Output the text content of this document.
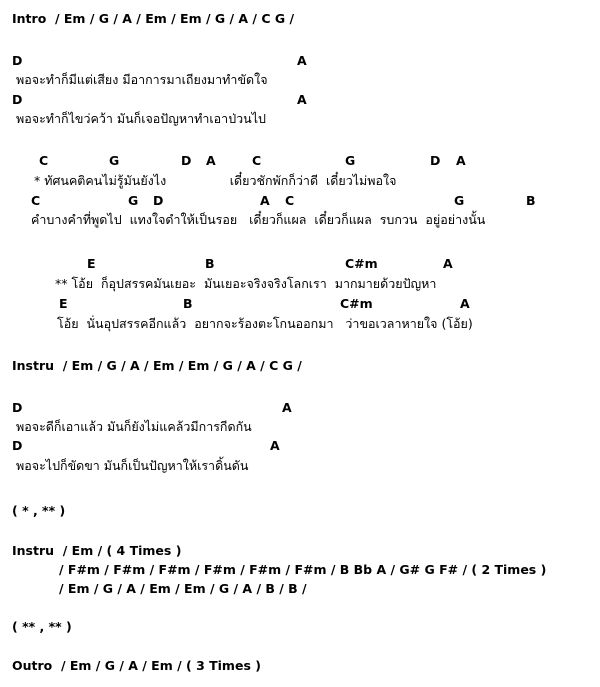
Intro  / Em / G / A / Em / Em / G / A / C G /
D	A
พอจะทำก็มีแต่เสียง มีอาการมาเถียงมาทำขัดใจ
D	A
พอจะทำก็ไขว่คว้า มันก็เจอปัญหาทำเอาป่วนไป
C	G	D A	C	G	D A
* ทัศนคติคนไม่รู้มันยังไง                เดี๋ยวชักพักก็ว่าดี  เดี๋ยวไม่พอใจ
C	G D	A C	G	B
คำบางคำที่พูดไป  แทงใจดำให้เป็นรอย   เดี๋ยวก็แผล  เดี๋ยวก็แผล  รบกวน  อยู่อย่างนั้น
E	B	C#m	A
** โอ้ย  ก็อุปสรรคมันเยอะ  มันเยอะจริงจริงโลกเรา  มากมายด้วยปัญหา
E	B	C#m	A
โอ้ย  นั่นอุปสรรคอีกแล้ว  อยากจะร้องตะโกนออกมา   ว่าขอเวลาหายใจ (โอ้ย)
Instru  / Em / G / A / Em / Em / G / A / C G /
D	A
พอจะดีก็เอาแล้ว มันก็ยังไม่แคล้วมีการกีดกัน
D	A
พอจะไปก็ขัดขา มันก็เป็นปัญหาให้เราดิ้นดัน
( * , ** )
Instru  / Em / ( 4 Times )
/ F#m / F#m / F#m / F#m / F#m / F#m / B Bb A / G# G F# / ( 2 Times )
/ Em / G / A / Em / Em / G / A / B / B /
( ** , ** )
Outro  / Em / G / A / Em / ( 3 Times )
